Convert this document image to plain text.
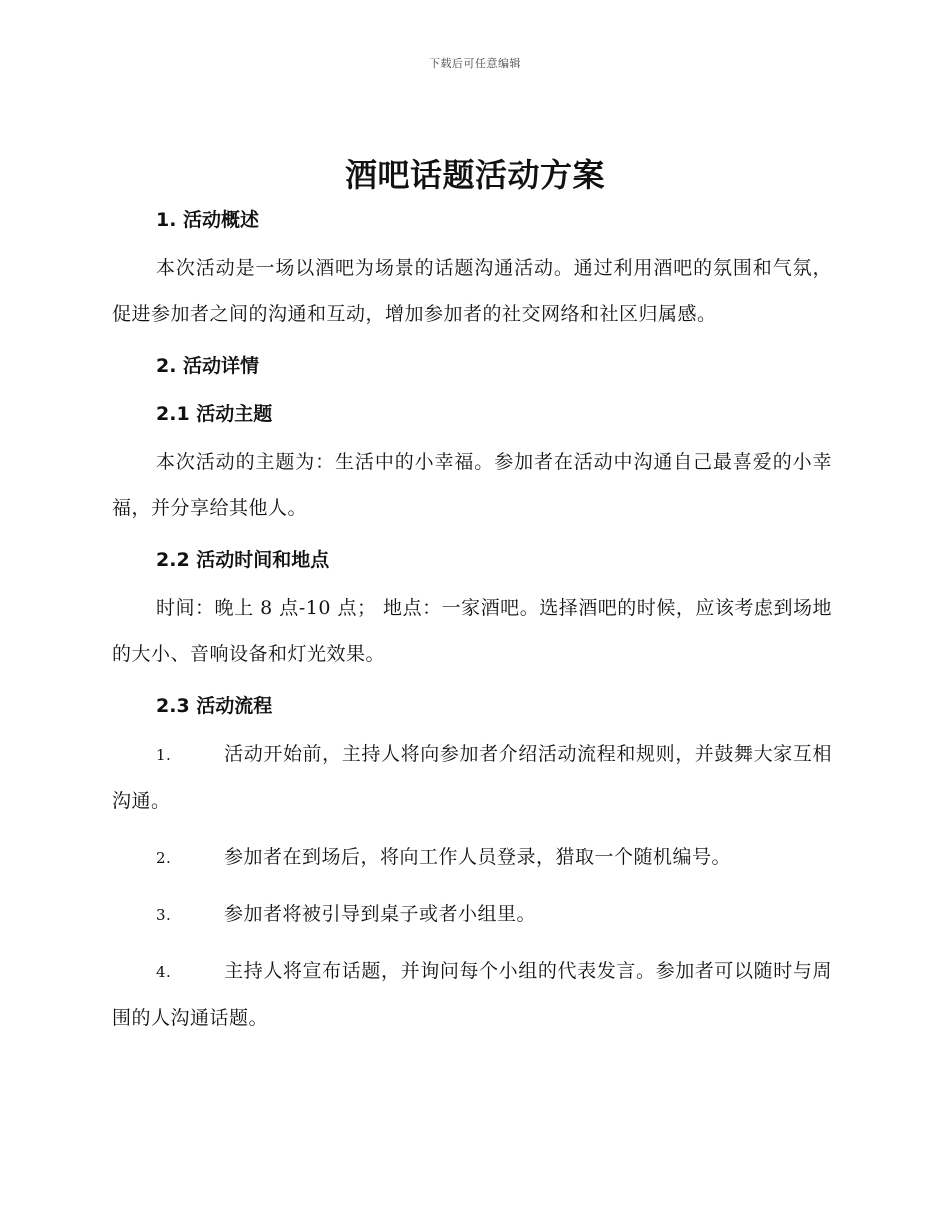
下载后可任意编辑
酒吧话题活动方案

1. 活动概述

本次活动是一场以酒吧为场景的话题沟通活动。通过利用酒吧的氛围和气氛，促进参加者之间的沟通和互动，增加参加者的社交网络和社区归属感。

2. 活动详情

2.1 活动主题

本次活动的主题为：生活中的小幸福。参加者在活动中沟通自己最喜爱的小幸福，并分享给其他人。

2.2 活动时间和地点

时间：晚上 8 点-10 点； 地点：一家酒吧。选择酒吧的时候，应该考虑到场地的大小、音响设备和灯光效果。

2.3 活动流程

1.	活动开始前，主持人将向参加者介绍活动流程和规则，并鼓舞大家互相沟通。

2.	参加者在到场后，将向工作人员登录，猎取一个随机编号。

3.	参加者将被引导到桌子或者小组里。

4.	主持人将宣布话题，并询问每个小组的代表发言。参加者可以随时与周围的人沟通话题。
